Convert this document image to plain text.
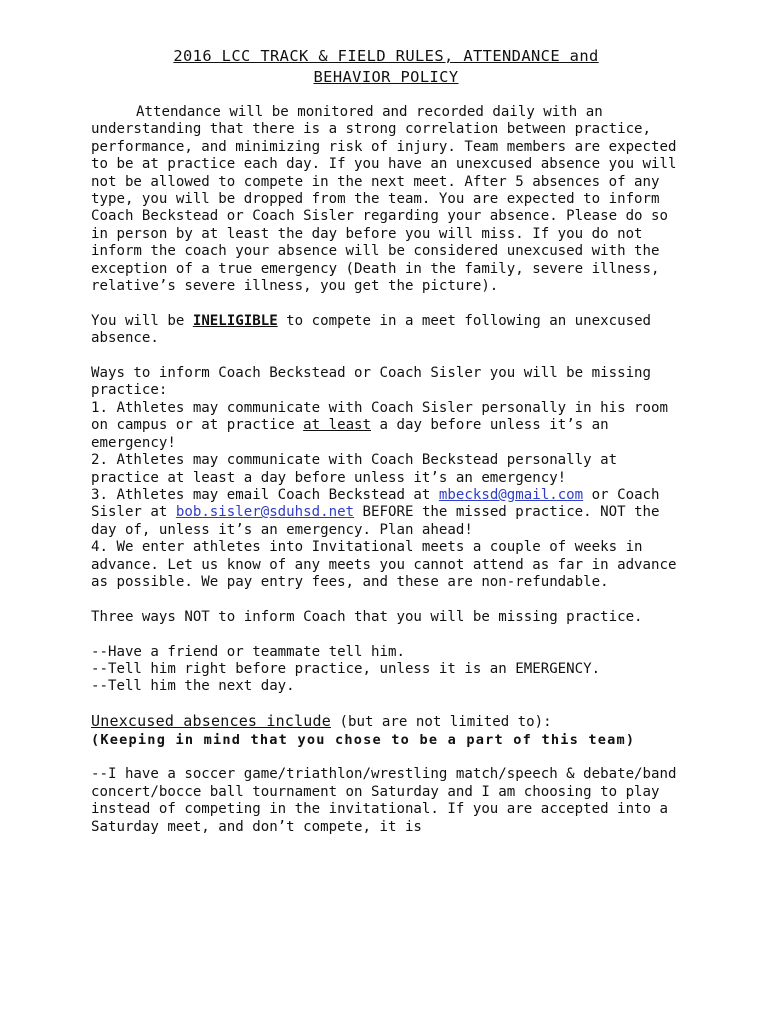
2016 LCC TRACK & FIELD RULES, ATTENDANCE and
BEHAVIOR POLICY

Attendance will be monitored and recorded daily with an understanding that there is a strong correlation between practice, performance, and minimizing risk of injury. Team members are expected to be at practice each day. If you have an unexcused absence you will not be allowed to compete in the next meet. After 5 absences of any type, you will be dropped from the team. You are expected to inform Coach Beckstead or Coach Sisler regarding your absence. Please do so in person by at least the day before you will miss. If you do not inform the coach your absence will be considered unexcused with the exception of a true emergency (Death in the family, severe illness, relative’s severe illness, you get the picture).

You will be INELIGIBLE to compete in a meet following an unexcused absence.

Ways to inform Coach Beckstead or Coach Sisler you will be missing practice:
1. Athletes may communicate with Coach Sisler personally in his room on campus or at practice at least a day before unless it’s an emergency!
2. Athletes may communicate with Coach Beckstead personally at practice at least a day before unless it’s an emergency!
3. Athletes may email Coach Beckstead at mbecksd@gmail.com or Coach Sisler at bob.sisler@sduhsd.net BEFORE the missed practice. NOT the day of, unless it’s an emergency. Plan ahead!
4. We enter athletes into Invitational meets a couple of weeks in advance. Let us know of any meets you cannot attend as far in advance as possible. We pay entry fees, and these are non-refundable.

Three ways NOT to inform Coach that you will be missing practice.

--Have a friend or teammate tell him.
--Tell him right before practice, unless it is an EMERGENCY.
--Tell him the next day.

Unexcused absences include (but are not limited to):
(Keeping in mind that you chose to be a part of this team)

--I have a soccer game/triathlon/wrestling match/speech & debate/band concert/bocce ball tournament on Saturday and I am choosing to play instead of competing in the invitational. If you are accepted into a Saturday meet, and don’t compete, it is
